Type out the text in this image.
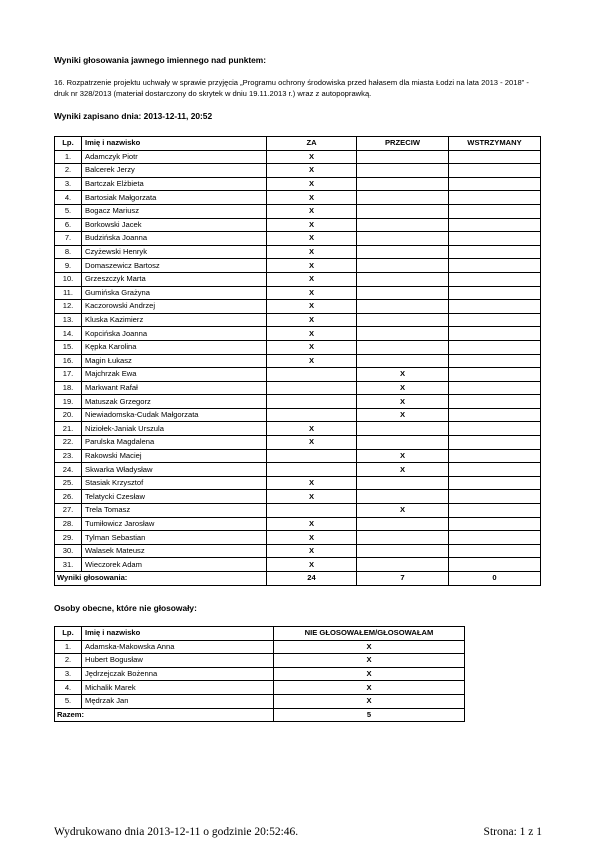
Wyniki głosowania jawnego imiennego nad punktem:
16. Rozpatrzenie projektu uchwały w sprawie przyjęcia „Programu ochrony środowiska przed hałasem dla miasta Łodzi na lata 2013 - 2018” - druk nr 328/2013 (materiał dostarczony do skrytek w dniu 19.11.2013 r.) wraz z autopoprawką.
Wyniki zapisano dnia: 2013-12-11, 20:52
Lp.	Imię i nazwisko	ZA	PRZECIW	WSTRZYMANY
1.	Adamczyk Piotr	X		
2.	Balcerek Jerzy	X		
3.	Bartczak Elżbieta	X		
4.	Bartosiak Małgorzata	X		
5.	Bogacz Mariusz	X		
6.	Borkowski Jacek	X		
7.	Budzińska Joanna	X		
8.	Czyżewski Henryk	X		
9.	Domaszewicz Bartosz	X		
10.	Grzeszczyk Marta	X		
11.	Gumińska Grażyna	X		
12.	Kaczorowski Andrzej	X		
13.	Kluska Kazimierz	X		
14.	Kopcińska Joanna	X		
15.	Kępka Karolina	X		
16.	Magin Łukasz	X		
17.	Majchrzak Ewa		X	
18.	Markwant Rafał		X	
19.	Matuszak Grzegorz		X	
20.	Niewiadomska-Cudak Małgorzata		X	
21.	Niziołek-Janiak Urszula	X		
22.	Parulska Magdalena	X		
23.	Rakowski Maciej		X	
24.	Skwarka Władysław		X	
25.	Stasiak Krzysztof	X		
26.	Telatycki Czesław	X		
27.	Trela Tomasz		X	
28.	Tumiłowicz Jarosław	X		
29.	Tylman Sebastian	X		
30.	Walasek Mateusz	X		
31.	Wieczorek Adam	X		
Wyniki głosowania:		24	7	0
Osoby obecne, które nie głosowały:
Lp.	Imię i nazwisko	NIE GŁOSOWAŁEM/GŁOSOWAŁAM
1.	Adamska-Makowska Anna	X
2.	Hubert Bogusław	X
3.	Jędrzejczak Bożenna	X
4.	Michalik Marek	X
5.	Mędrzak Jan	X
Razem:		5
Wydrukowano dnia 2013-12-11 o godzinie 20:52:46.	Strona: 1 z 1
